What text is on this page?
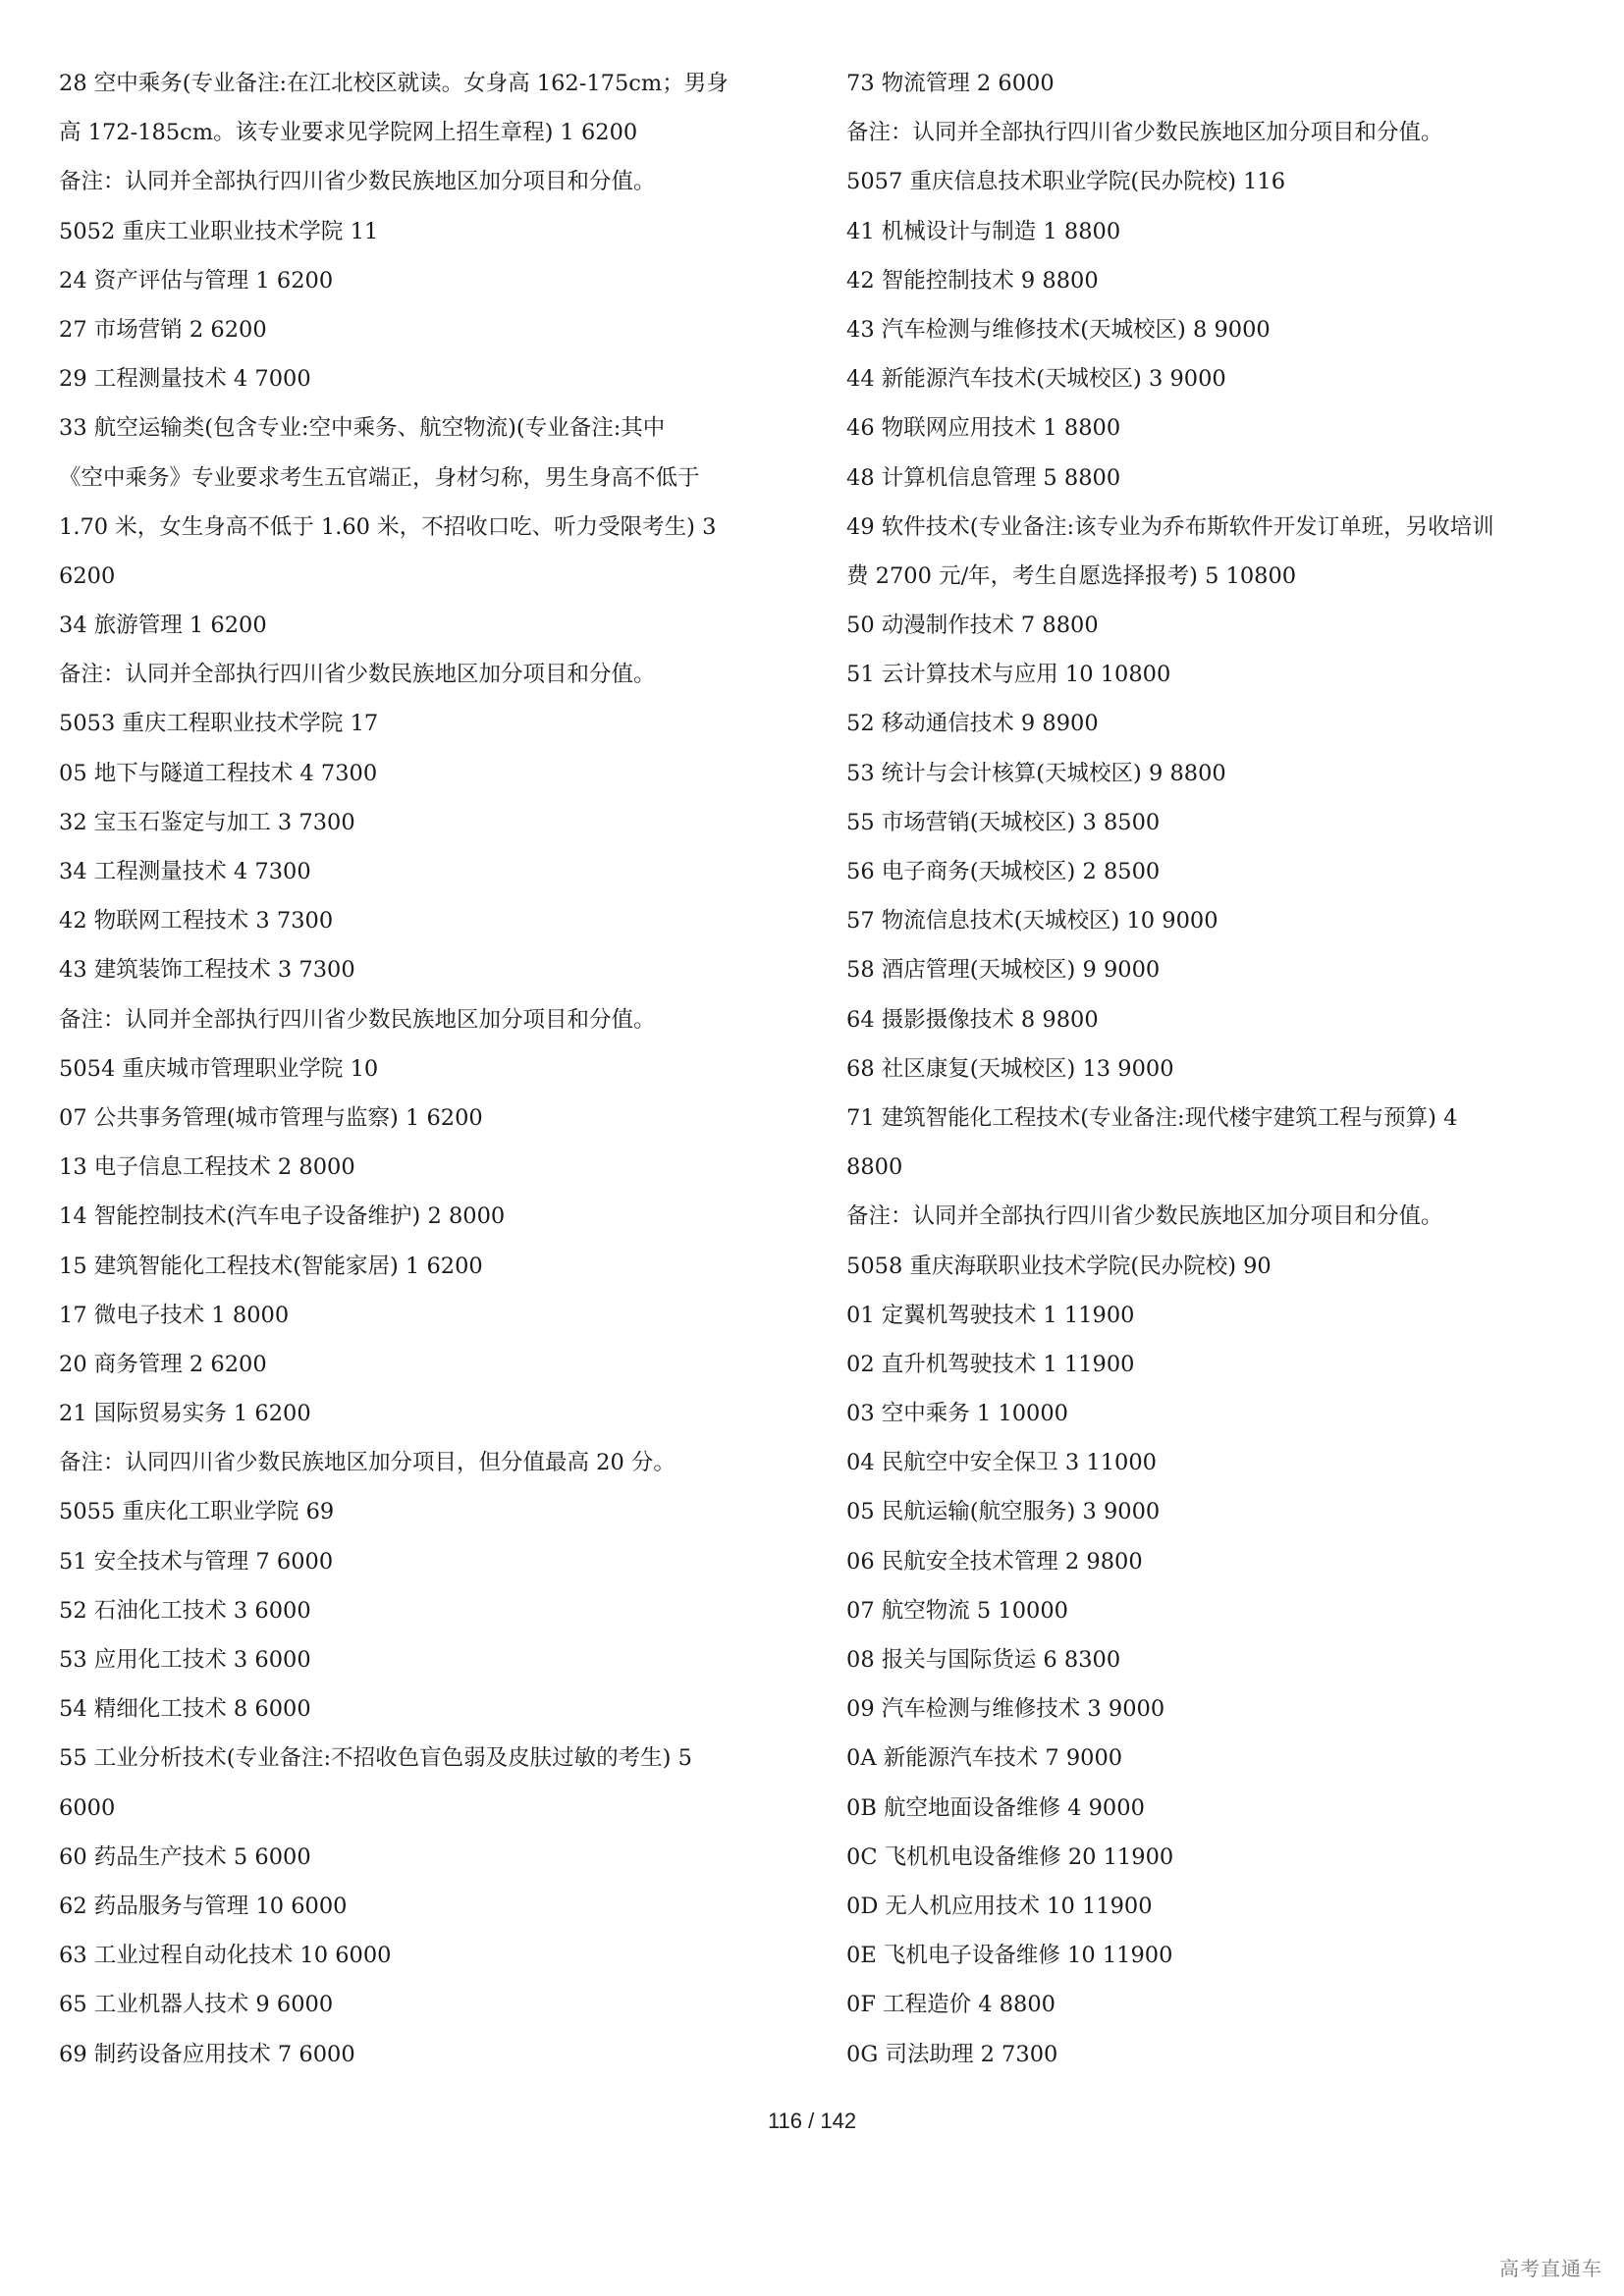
28 空中乘务(专业备注:在江北校区就读。女身高 162-175cm；男身
高 172-185cm。该专业要求见学院网上招生章程) 1 6200
备注：认同并全部执行四川省少数民族地区加分项目和分值。
5052 重庆工业职业技术学院 11
24 资产评估与管理 1 6200
27 市场营销 2 6200
29 工程测量技术 4 7000
33 航空运输类(包含专业:空中乘务、航空物流)(专业备注:其中
《空中乘务》专业要求考生五官端正，身材匀称，男生身高不低于
1.70 米，女生身高不低于 1.60 米，不招收口吃、听力受限考生) 3
6200
34 旅游管理 1 6200
备注：认同并全部执行四川省少数民族地区加分项目和分值。
5053 重庆工程职业技术学院 17
05 地下与隧道工程技术 4 7300
32 宝玉石鉴定与加工 3 7300
34 工程测量技术 4 7300
42 物联网工程技术 3 7300
43 建筑装饰工程技术 3 7300
备注：认同并全部执行四川省少数民族地区加分项目和分值。
5054 重庆城市管理职业学院 10
07 公共事务管理(城市管理与监察) 1 6200
13 电子信息工程技术 2 8000
14 智能控制技术(汽车电子设备维护) 2 8000
15 建筑智能化工程技术(智能家居) 1 6200
17 微电子技术 1 8000
20 商务管理 2 6200
21 国际贸易实务 1 6200
备注：认同四川省少数民族地区加分项目，但分值最高 20 分。
5055 重庆化工职业学院 69
51 安全技术与管理 7 6000
52 石油化工技术 3 6000
53 应用化工技术 3 6000
54 精细化工技术 8 6000
55 工业分析技术(专业备注:不招收色盲色弱及皮肤过敏的考生) 5
6000
60 药品生产技术 5 6000
62 药品服务与管理 10 6000
63 工业过程自动化技术 10 6000
65 工业机器人技术 9 6000
69 制药设备应用技术 7 6000
73 物流管理 2 6000
备注：认同并全部执行四川省少数民族地区加分项目和分值。
5057 重庆信息技术职业学院(民办院校) 116
41 机械设计与制造 1 8800
42 智能控制技术 9 8800
43 汽车检测与维修技术(天城校区) 8 9000
44 新能源汽车技术(天城校区) 3 9000
46 物联网应用技术 1 8800
48 计算机信息管理 5 8800
49 软件技术(专业备注:该专业为乔布斯软件开发订单班，另收培训
费 2700 元/年，考生自愿选择报考) 5 10800
50 动漫制作技术 7 8800
51 云计算技术与应用 10 10800
52 移动通信技术 9 8900
53 统计与会计核算(天城校区) 9 8800
55 市场营销(天城校区) 3 8500
56 电子商务(天城校区) 2 8500
57 物流信息技术(天城校区) 10 9000
58 酒店管理(天城校区) 9 9000
64 摄影摄像技术 8 9800
68 社区康复(天城校区) 13 9000
71 建筑智能化工程技术(专业备注:现代楼宇建筑工程与预算) 4
8800
备注：认同并全部执行四川省少数民族地区加分项目和分值。
5058 重庆海联职业技术学院(民办院校) 90
01 定翼机驾驶技术 1 11900
02 直升机驾驶技术 1 11900
03 空中乘务 1 10000
04 民航空中安全保卫 3 11000
05 民航运输(航空服务) 3 9000
06 民航安全技术管理 2 9800
07 航空物流 5 10000
08 报关与国际货运 6 8300
09 汽车检测与维修技术 3 9000
0A 新能源汽车技术 7 9000
0B 航空地面设备维修 4 9000
0C 飞机机电设备维修 20 11900
0D 无人机应用技术 10 11900
0E 飞机电子设备维修 10 11900
0F 工程造价 4 8800
0G 司法助理 2 7300
116 / 142
高考直通车
